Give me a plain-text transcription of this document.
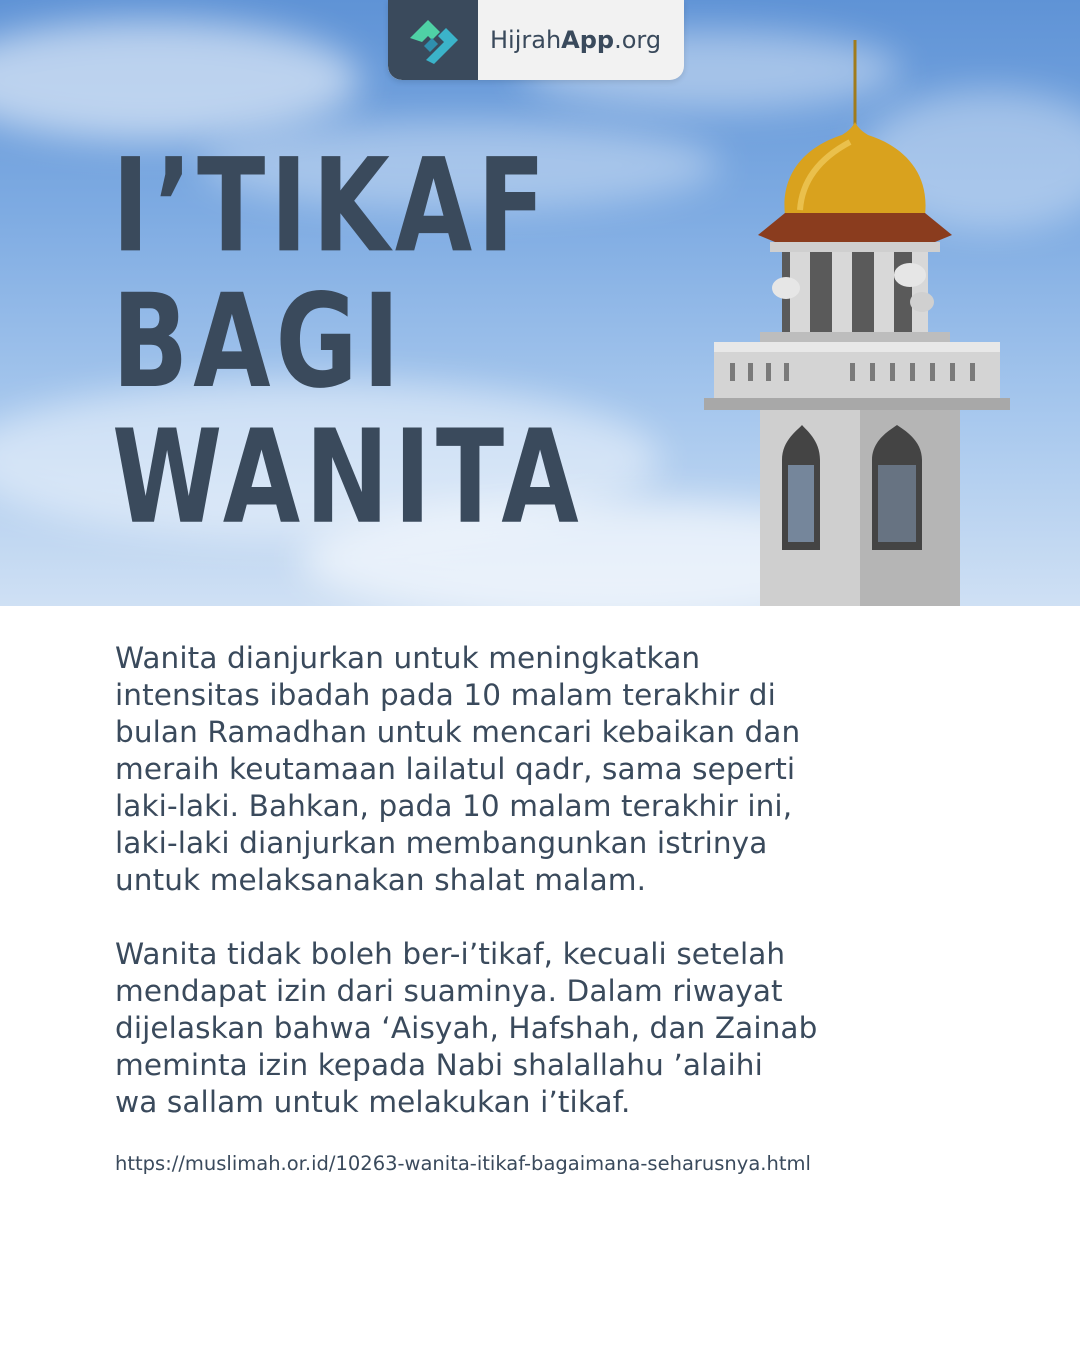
HijrahApp.org
I’TIKAF
BAGI
WANITA

Wanita dianjurkan untuk meningkatkan
intensitas ibadah pada 10 malam terakhir di
bulan Ramadhan untuk mencari kebaikan dan
meraih keutamaan lailatul qadr, sama seperti
laki-laki. Bahkan, pada 10 malam terakhir ini,
laki-laki dianjurkan membangunkan istrinya
untuk melaksanakan shalat malam.

Wanita tidak boleh ber-i’tikaf, kecuali setelah
mendapat izin dari suaminya. Dalam riwayat
dijelaskan bahwa ‘Aisyah, Hafshah, dan Zainab
meminta izin kepada Nabi shalallahu ’alaihi
wa sallam untuk melakukan i’tikaf.

https://muslimah.or.id/10263-wanita-itikaf-bagaimana-seharusnya.html
